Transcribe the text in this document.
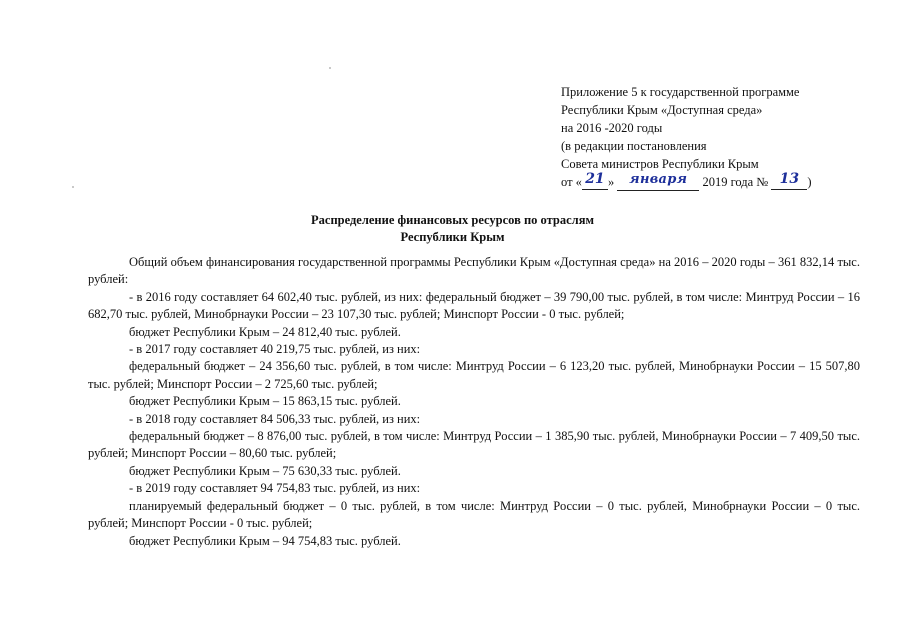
Приложение 5 к государственной программе
Республики Крым «Доступная среда»
на 2016 -2020 годы
(в редакции постановления
Совета министров Республики Крым
от « 21 » января 2019 года № 13 )
Распределение финансовых ресурсов по отраслям
Республики Крым

Общий объем финансирования государственной программы Республики Крым «Доступная среда» на 2016 – 2020 годы – 361 832,14 тыс. рублей:

- в 2016 году составляет 64 602,40 тыс. рублей, из них: федеральный бюджет – 39 790,00 тыс. рублей, в том числе: Минтруд России – 16 682,70 тыс. рублей, Минобрнауки России – 23 107,30 тыс. рублей; Минспорт России - 0 тыс. рублей;

бюджет Республики Крым – 24 812,40 тыс. рублей.

- в 2017 году составляет 40 219,75 тыс. рублей, из них:

федеральный бюджет – 24 356,60 тыс. рублей, в том числе: Минтруд России – 6 123,20 тыс. рублей, Минобрнауки России – 15 507,80 тыс. рублей; Минспорт России – 2 725,60 тыс. рублей;

бюджет Республики Крым – 15 863,15 тыс. рублей.

- в 2018 году составляет 84 506,33 тыс. рублей, из них:

федеральный бюджет – 8 876,00 тыс. рублей, в том числе: Минтруд России – 1 385,90 тыс. рублей, Минобрнауки России – 7 409,50 тыс. рублей; Минспорт России – 80,60 тыс. рублей;

бюджет Республики Крым – 75 630,33 тыс. рублей.

- в 2019 году составляет 94 754,83 тыс. рублей, из них:

планируемый федеральный бюджет – 0 тыс. рублей, в том числе: Минтруд России – 0 тыс. рублей, Минобрнауки России – 0 тыс. рублей; Минспорт России - 0 тыс. рублей;

бюджет Республики Крым – 94 754,83 тыс. рублей.
